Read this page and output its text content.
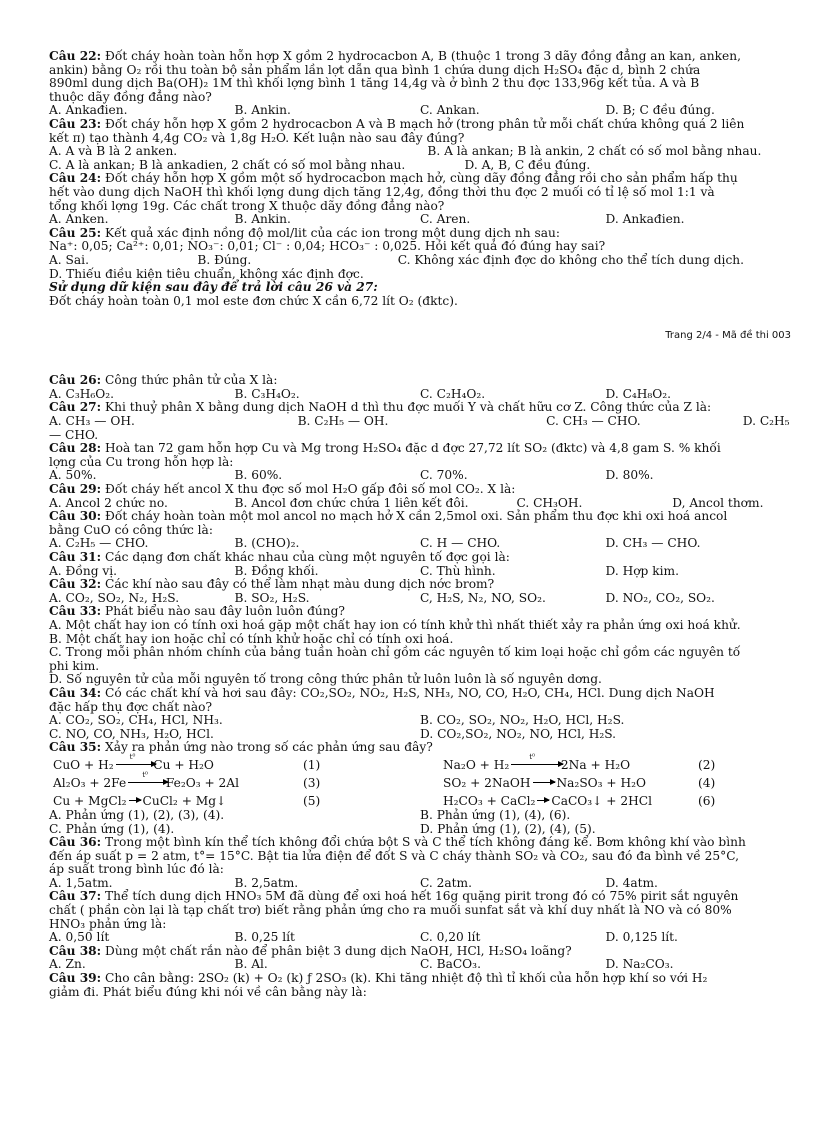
Câu 22: Đốt cháy hoàn toàn hỗn hợp X gồm 2 hydrocacbon A, B (thuộc 1 trong 3 dãy đồng đẳng an kan, anken,
ankin) bằng O₂ rồi thu toàn bộ sản phẩm lần lợt dẫn qua bình 1 chứa dung dịch H₂SO₄ đặc d, bình 2 chứa
890ml dung dịch Ba(OH)₂ 1M thì khối lợng bình 1 tăng 14,4g và ở bình 2 thu đợc 133,96g kết tủa. A và B
thuộc dãy đồng đẳng nào?
A. Ankađien.	B. Ankin.	C. Ankan.	D. B; C đều đúng.
Câu 23: Đốt cháy hỗn hợp X gồm 2 hydrocacbon A và B mạch hở (trong phân tử mỗi chất chứa không quá 2 liên
kết π) tạo thành 4,4g CO₂ và 1,8g H₂O. Kết luận nào sau đây đúng?
A. A và B là 2 anken.	B. A là ankan; B là ankin, 2 chất có số mol bằng nhau.
C. A là ankan; B là ankadien, 2 chất có số mol bằng nhau.	D. A, B, C đều đúng.
Câu 24: Đốt cháy hỗn hợp X gồm một số hydrocacbon mạch hở, cùng dãy đồng đẳng rồi cho sản phẩm hấp thụ
hết vào dung dịch NaOH thì khối lợng dung dịch tăng 12,4g, đồng thời thu đợc 2 muối có tỉ lệ số mol 1:1 và
tổng khối lợng 19g. Các chất trong X thuộc dãy đồng đẳng nào?
A. Anken.	B. Ankin.	C. Aren.	D. Ankađien.
Câu 25: Kết quả xác định nồng độ mol/lit của các ion trong một dung dịch nh sau:
Na⁺: 0,05; Ca²⁺: 0,01; NO₃⁻: 0,01; Cl⁻ : 0,04; HCO₃⁻ : 0,025. Hỏi kết quả đó đúng hay sai?
A. Sai.	B. Đúng.	C. Không xác định đợc do không cho thể tích dung dịch.
D. Thiếu điều kiện tiêu chuẩn, không xác định đợc.
Sử dụng dữ kiện sau đây để trả lời câu 26 và 27:
Đốt cháy hoàn toàn 0,1 mol este đơn chức X cần 6,72 lít O₂ (đktc).
Trang 2/4 - Mã đề thi 003
Câu 26: Công thức phân tử của X là:
A. C₃H₆O₂.	B. C₃H₄O₂.	C. C₂H₄O₂.	D. C₄H₈O₂.
Câu 27: Khi thuỷ phân X bằng dung dịch NaOH d thì thu đợc muối Y và chất hữu cơ Z. Công thức của Z là:
A. CH₃ — OH.	B. C₂H₅ — OH.	C. CH₃ — CHO.	D. C₂H₅
— CHO.
Câu 28: Hoà tan 72 gam hỗn hợp Cu và Mg trong H₂SO₄ đặc d đợc 27,72 lít SO₂ (đktc) và 4,8 gam S. % khối
lợng của Cu trong hỗn hợp là:
A. 50%.	B. 60%.	C. 70%.	D. 80%.
Câu 29: Đốt cháy hết ancol X thu đợc số mol H₂O gấp đôi số mol CO₂. X là:
A. Ancol 2 chức no.	B. Ancol đơn chức chứa 1 liên kết đôi.	C. CH₃OH.	D, Ancol thơm.
Câu 30: Đốt cháy hoàn toàn một mol ancol no mạch hở X cần 2,5mol oxi. Sản phẩm thu đợc khi oxi hoá ancol
bằng CuO có công thức là:
A. C₂H₅ — CHO.	B. (CHO)₂.	C. H — CHO.	D. CH₃ — CHO.
Câu 31: Các dạng đơn chất khác nhau của cùng một nguyên tố đợc gọi là:
A. Đồng vị.	B. Đồng khối.	C. Thù hình.	D. Hợp kim.
Câu 32: Các khí nào sau đây có thể làm nhạt màu dung dịch nớc brom?
A. CO₂, SO₂, N₂, H₂S.	B. SO₂, H₂S.	C, H₂S, N₂, NO, SO₂.	D. NO₂, CO₂, SO₂.
Câu 33: Phát biểu nào sau đây luôn luôn đúng?
A. Một chất hay ion có tính oxi hoá gặp một chất hay ion có tính khử thì nhất thiết xảy ra phản ứng oxi hoá khử.
B. Một chất hay ion hoặc chỉ có tính khử hoặc chỉ có tính oxi hoá.
C. Trong mỗi phân nhóm chính của bảng tuần hoàn chỉ gồm các nguyên tố kim loại hoặc chỉ gồm các nguyên tố
phi kim.
D. Số nguyên tử của mỗi nguyên tố trong công thức phân tử luôn luôn là số nguyên dơng.
Câu 34: Có các chất khí và hơi sau đây: CO₂,SO₂, NO₂, H₂S, NH₃, NO, CO, H₂O, CH₄, HCl. Dung dịch NaOH
đặc hấp thụ đợc chất nào?
A. CO₂, SO₂, CH₄, HCl, NH₃.	B. CO₂, SO₂, NO₂, H₂O, HCl, H₂S.
C. NO, CO, NH₃, H₂O, HCl.	D. CO₂,SO₂, NO₂, NO, HCl, H₂S.
Câu 35: Xảy ra phản ứng nào trong số các phản ứng sau đây?
CuO + H₂$^{t^0}$Cu + H₂O	(1)	Na₂O + H₂$^{t^0}$2Na + H₂O	(2)
$Al_2O_3 + 2Fe^{t^0}Fe_2O_3 + 2Al$	(3)	SO₂ + 2NaOH Na₂SO₃ + H₂O	(4)
Cu + MgCl₂ CuCl₂ + Mg↓	(5)	H₂CO₃ + CaCl₂ CaCO₃↓ + 2HCl	(6)
A. Phản ứng (1), (2), (3), (4).	B. Phản ứng (1), (4), (6).
C. Phản ứng (1), (4).	D. Phản ứng (1), (2), (4), (5).
Câu 36: Trong một bình kín thể tích không đổi chứa bột S và C thể tích không đáng kể. Bơm không khí vào bình
đến áp suất p = 2 atm, t°= 15°C. Bật tia lửa điện để đốt S và C cháy thành SO₂ và CO₂, sau đó đa bình về 25°C,
áp suất trong bình lúc đó là:
A. 1,5atm.	B. 2,5atm.	C. 2atm.	D. 4atm.
Câu 37: Thể tích dung dịch HNO₃ 5M đã dùng để oxi hoá hết 16g quặng pirit trong đó có 75% pirit sắt nguyên
chất ( phần còn lại là tạp chất trơ) biết rằng phản ứng cho ra muối sunfat sắt và khí duy nhất là NO và có 80%
HNO₃ phản ứng là:
A. 0,50 lít	B. 0,25 lít	C. 0,20 lít	D. 0,125 lít.
Câu 38: Dùng một chất rắn nào để phân biệt 3 dung dịch NaOH, HCl, H₂SO₄ loãng?
A. Zn.	B. Al.	C. BaCO₃.	D. Na₂CO₃.
Câu 39: Cho cân bằng: 2SO₂ (k) + O₂ (k) ƒ 2SO₃ (k). Khi tăng nhiệt độ thì tỉ khối của hỗn hợp khí so với H₂
giảm đi. Phát biểu đúng khi nói về cân bằng này là:
